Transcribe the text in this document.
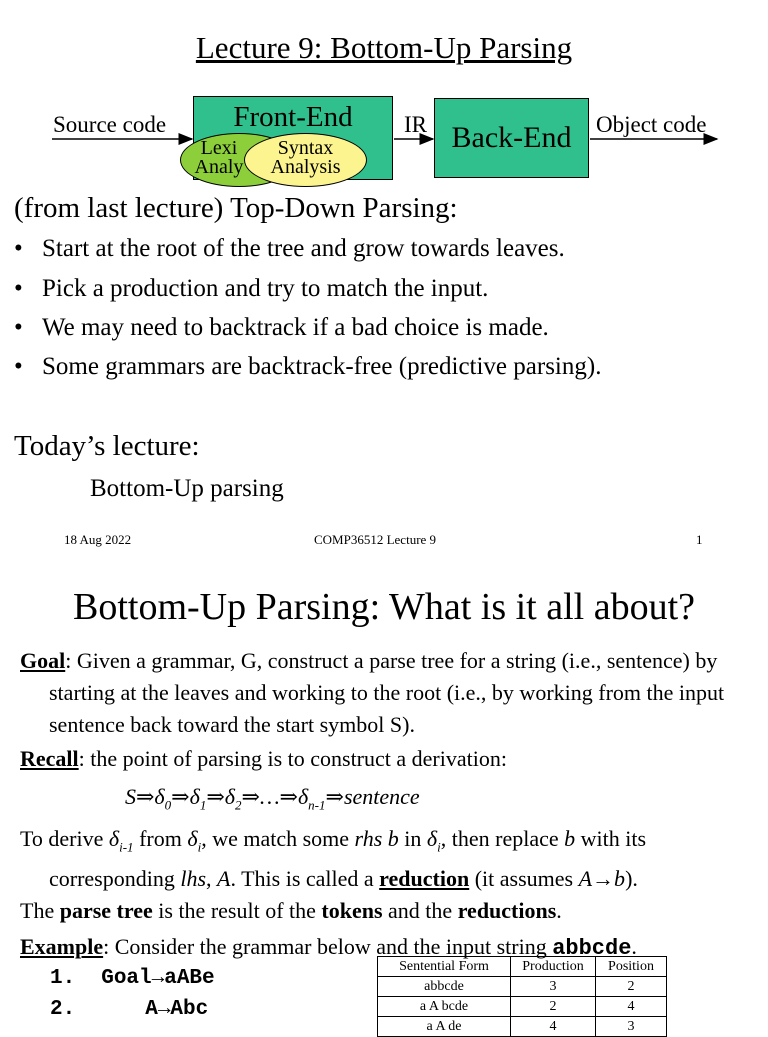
Lecture 9: Bottom-Up Parsing
Source code	Front-End	IR Back-End	Object code
Lexi
Analy
Syntax
Analysis
(from last lecture) Top-Down Parsing:
• Start at the root of the tree and grow towards leaves.
• Pick a production and try to match the input.
• We may need to backtrack if a bad choice is made.
• Some grammars are backtrack-free (predictive parsing).
Today’s lecture:
Bottom-Up parsing
18 Aug 2022	COMP36512 Lecture 9	1
Bottom-Up Parsing: What is it all about?
Goal: Given a grammar, G, construct a parse tree for a string (i.e., sentence) by starting at the leaves and working to the root (i.e., by working from the input sentence back toward the start symbol S).
Recall: the point of parsing is to construct a derivation:
$S\Rightarrow\delta_0\Rightarrow\delta_1\Rightarrow\delta_2\Rightarrow\dots\Rightarrow\delta_{n-1}\Rightarrow sentence$
To derive $\delta_{i-1}$ from $\delta_i$, we match some rhs b in $\delta_i$, then replace b with its corresponding lhs, A. This is called a reduction (it assumes A→b).
The parse tree is the result of the tokens and the reductions.
Example: Consider the grammar below and the input string abbcde.
1. Goal→aABe
2.	A→Abc
Sentential Form	Production	Position
abbcde	3	2
a A bcde	2	4
a A de	4	3
